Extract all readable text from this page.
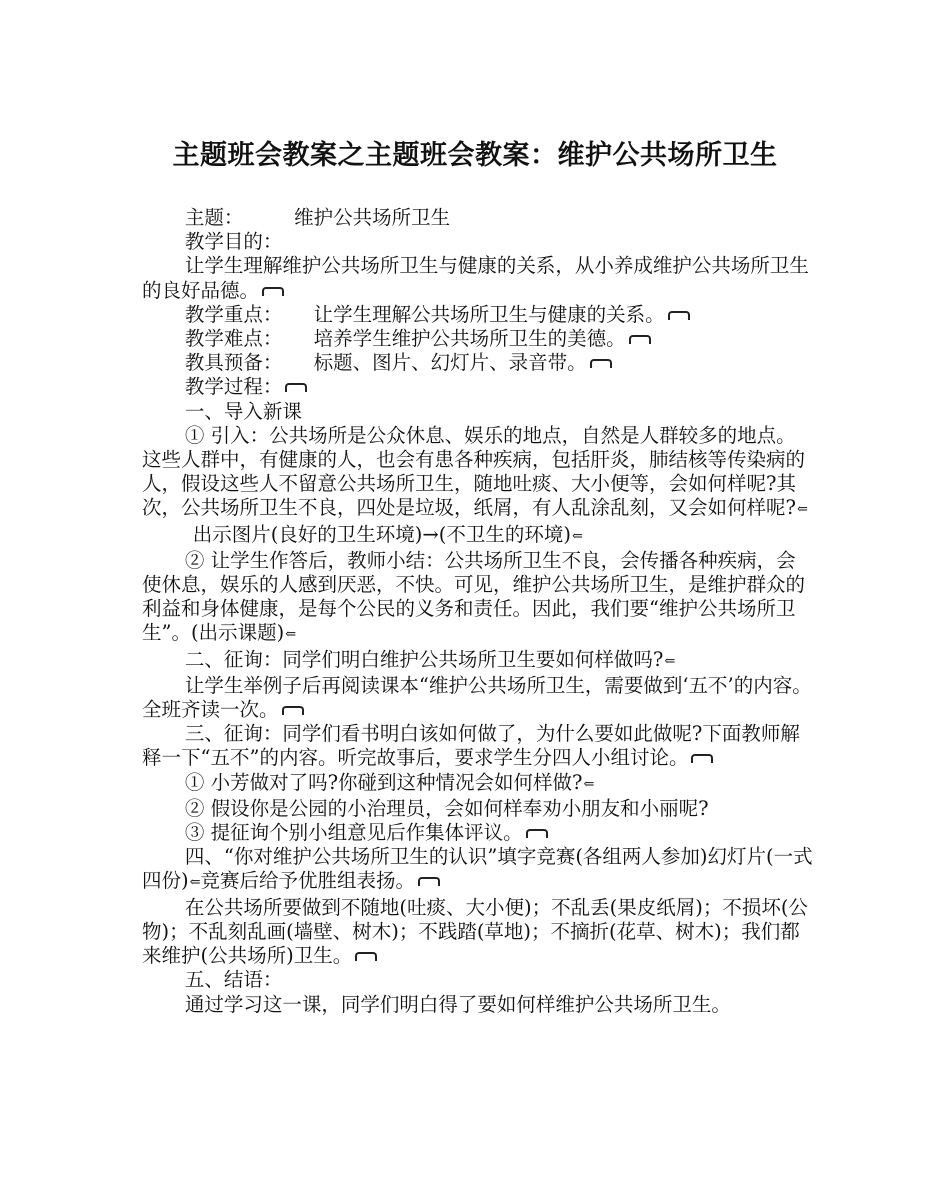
主题班会教案之主题班会教案：维护公共场所卫生

主题：	维护公共场所卫生

教学目的：

让学生理解维护公共场所卫生与健康的关系，从小养成维护公共场所卫生的良好品德。

教学重点： 让学生理解公共场所卫生与健康的关系。

教学难点： 培养学生维护公共场所卫生的美德。

教具预备： 标题、图片、幻灯片、录音带。

教学过程：

一、导入新课

① 引入：公共场所是公众休息、娱乐的地点，自然是人群较多的地点。这些人群中，有健康的人，也会有患各种疾病，包括肝炎，肺结核等传染病的人，假设这些人不留意公共场所卫生，随地吐痰、大小便等，会如何样呢?其次，公共场所卫生不良，四处是垃圾，纸屑，有人乱涂乱刻，又会如何样呢?⇐出示图片(良好的卫生环境)→(不卫生的环境)⇐

② 让学生作答后，教师小结：公共场所卫生不良，会传播各种疾病，会使休息，娱乐的人感到厌恶，不快。可见，维护公共场所卫生，是维护群众的利益和身体健康，是每个公民的义务和责任。因此，我们要“维护公共场所卫生”。(出示课题)⇐

二、征询：同学们明白维护公共场所卫生要如何样做吗?⇐

让学生举例子后再阅读课本“维护公共场所卫生，需要做到‘五不’的内容。全班齐读一次。

三、征询：同学们看书明白该如何做了，为什么要如此做呢?下面教师解释一下“五不”的内容。听完故事后，要求学生分四人小组讨论。

① 小芳做对了吗?你碰到这种情况会如何样做?⇐

② 假设你是公园的小治理员，会如何样奉劝小朋友和小丽呢?

③ 提征询个别小组意见后作集体评议。

四、“你对维护公共场所卫生的认识”填字竞赛(各组两人参加)幻灯片(一式四份)⇐竞赛后给予优胜组表扬。

在公共场所要做到不随地(吐痰、大小便)；不乱丢(果皮纸屑)；不损坏(公物)；不乱刻乱画(墙壁、树木)；不践踏(草地)；不摘折(花草、树木)；我们都来维护(公共场所)卫生。

五、结语：

通过学习这一课，同学们明白得了要如何样维护公共场所卫生。
